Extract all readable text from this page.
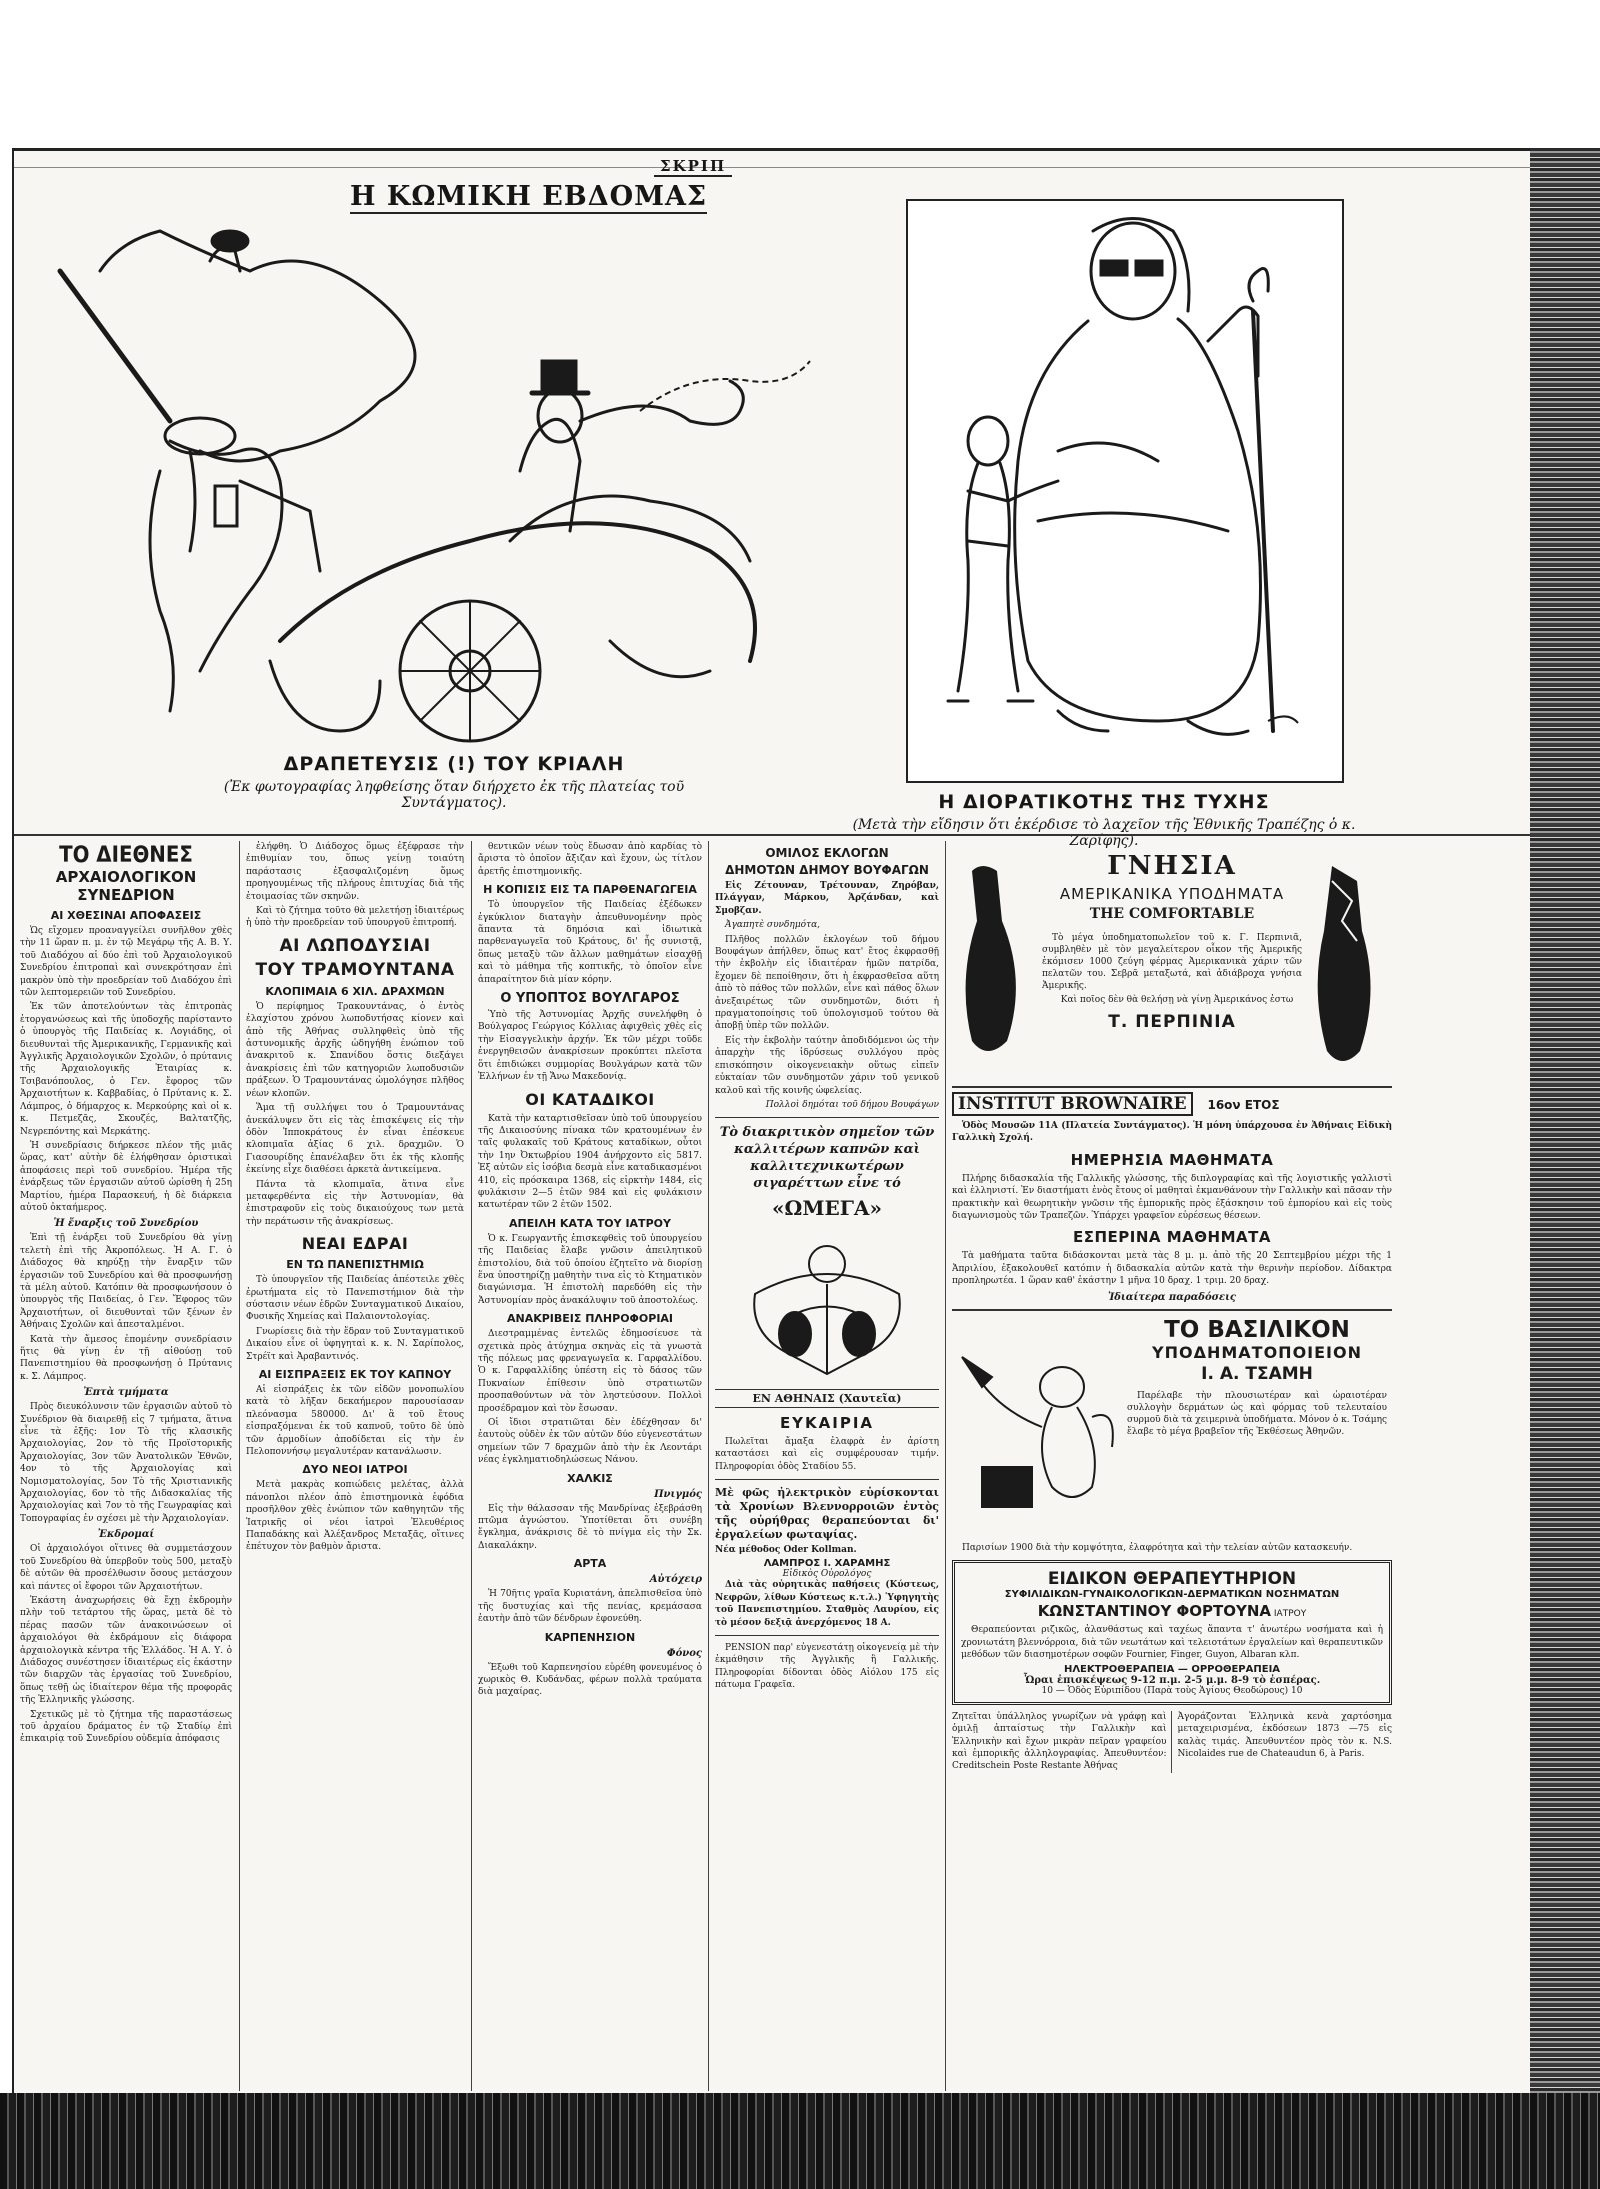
ΣΚΡΙΠ
Η ΚΩΜΙΚΗ ΕΒΔΟΜΑΣ
ΔΡΑΠΕΤΕΥΣΙΣ (!) ΤΟΥ ΚΡΙΑΛΗ
(Ἐκ φωτογραφίας ληφθείσης ὅταν διήρχετο ἐκ τῆς πλατείας τοῦ Συντάγματος).	Η ΔΙΟΡΑΤΙΚΟΤΗΣ ΤΗΣ ΤΥΧΗΣ
(Μετὰ τὴν εἴδησιν ὅτι ἐκέρδισε τὸ λαχεῖον τῆς Ἐθνικῆς Τραπέζης ὁ κ. Ζαρίφης).
ΤΟ ΔΙΕΘΝΕΣ
ΑΡΧΑΙΟΛΟΓΙΚΟΝ ΣΥΝΕΔΡΙΟΝ
ΑΙ ΧΘΕΣΙΝΑΙ ΑΠΟΦΑΣΕΙΣ

Ὡς εἴχομεν προαναγγείλει συνῆλθον χθὲς τὴν 11 ὥραν π. μ. ἐν τῷ Μεγάρῳ τῆς Α. Β. Υ. τοῦ Διαδόχου αἱ δύο ἐπὶ τοῦ Ἀρχαιολογικοῦ Συνεδρίου ἐπιτροπαὶ καὶ συνεκρότησαν ἐπὶ μακρὸν ὑπὸ τὴν προεδρείαν τοῦ Διαδόχου ἐπὶ τῶν λεπτομερειῶν τοῦ Συνεδρίου.

Ἐκ τῶν ἀποτελούντων τὰς ἐπιτροπὰς ἐτοργανώσεως καὶ τῆς ὑποδοχῆς παρίσταντο ὁ ὑπουργὸς τῆς Παιδείας κ. Λογιάδης, οἱ διευθυνταὶ τῆς Ἀμερικανικῆς, Γερμανικῆς καὶ Ἀγγλικῆς Ἀρχαιολογικῶν Σχολῶν, ὁ πρύτανις τῆς Ἀρχαιολογικῆς Ἑταιρίας κ. Τσιβανόπουλος, ὁ Γεν. ἔφορος τῶν Ἀρχαιοτήτων κ. Καββαδίας, ὁ Πρύτανις κ. Σ. Λάμπρος, ὁ δήμαρχος κ. Μερκούρης καὶ οἱ κ. κ. Πετμεζᾶς, Σκουζές, Βαλτατζῆς, Νεγρεπόντης καὶ Μερκάτης.

Ἡ συνεδρίασις διήρκεσε πλέον τῆς μιᾶς ὥρας, κατ' αὐτὴν δὲ ἐλήφθησαν ὁριστικαὶ ἀποφάσεις περὶ τοῦ συνεδρίου. Ἡμέρα τῆς ἐνάρξεως τῶν ἐργασιῶν αὐτοῦ ὡρίσθη ἡ 25η Μαρτίου, ἡμέρα Παρασκευή, ἡ δὲ διάρκεια αὐτοῦ ὀκταήμερος.

Ἡ ἔναρξις τοῦ Συνεδρίου

Ἐπὶ τῇ ἐνάρξει τοῦ Συνεδρίου θὰ γίνῃ τελετὴ ἐπὶ τῆς Ἀκροπόλεως. Ἡ Α. Γ. ὁ Διάδοχος θὰ κηρύξῃ τὴν ἔναρξιν τῶν ἐργασιῶν τοῦ Συνεδρίου καὶ θὰ προσφωνήσῃ τὰ μέλη αὐτοῦ. Κατόπιν θὰ προσφωνήσουν ὁ ὑπουργὸς τῆς Παιδείας, ὁ Γεν. Ἔφορος τῶν Ἀρχαιοτήτων, οἱ διευθυνταὶ τῶν ξένων ἐν Ἀθήναις Σχολῶν καὶ ἀπεσταλμένοι.

Κατὰ τὴν ἄμεσος ἐπομένην συνεδρίασιν ἥτις θὰ γίνῃ ἐν τῇ αἰθούσῃ τοῦ Πανεπιστημίου θὰ προσφωνήσῃ ὁ Πρύτανις κ. Σ. Λάμπρος.

Ἐπτὰ τμήματα

Πρὸς διευκόλυνσιν τῶν ἐργασιῶν αὐτοῦ τὸ Συνέδριον θὰ διαιρεθῇ εἰς 7 τμήματα, ἅτινα εἶνε τὰ ἑξῆς: 1ον Τὸ τῆς κλασικῆς Ἀρχαιολογίας, 2ον τὸ τῆς Προϊστορικῆς Ἀρχαιολογίας, 3ον τῶν Ἀνατολικῶν Ἐθνῶν, 4ον τὸ τῆς Ἀρχαιολογίας καὶ Νομισματολογίας, 5ον Τὸ τῆς Χριστιανικῆς Ἀρχαιολογίας, 6ον τὸ τῆς Διδασκαλίας τῆς Ἀρχαιολογίας καὶ 7ον τὸ τῆς Γεωγραφίας καὶ Τοπογραφίας ἐν σχέσει μὲ τὴν Ἀρχαιολογίαν.

Ἐκδρομαί

Οἱ ἀρχαιολόγοι οἵτινες θὰ συμμετάσχουν τοῦ Συνεδρίου θὰ ὑπερβοῦν τοὺς 500, μεταξὺ δὲ αὐτῶν θὰ προσέλθωσιν ὅσους μετάσχουν καὶ πάντες οἱ ἔφοροι τῶν Ἀρχαιοτήτων.

Ἑκάστη ἀναχωρήσεις θὰ ἔχῃ ἐκδρομὴν πλὴν τοῦ τετάρτου τῆς ὥρας, μετὰ δὲ τὸ πέρας πασῶν τῶν ἀνακοινώσεων οἱ ἀρχαιολόγοι θὰ ἐκδράμουν εἰς διάφορα ἀρχαιολογικὰ κέντρα τῆς Ἑλλάδος. Ἡ Α. Υ. ὁ Διάδοχος συνέστησεν ἰδιαιτέρως εἰς ἑκάστην τῶν διαρχῶν τὰς ἐργασίας τοῦ Συνεδρίου, ὅπως τεθῇ ὡς ἰδιαίτερον θέμα τῆς προφορᾶς τῆς Ἑλληνικῆς γλώσσης.

Σχετικῶς μὲ τὸ ζήτημα τῆς παραστάσεως τοῦ ἀρχαίου δράματος ἐν τῷ Σταδίῳ ἐπὶ ἐπικαιρίᾳ τοῦ Συνεδρίου οὐδεμία ἀπόφασις

ἐλήφθη. Ὁ Διάδοχος ὅμως ἐξέφρασε τὴν ἐπιθυμίαν του, ὅπως γείνῃ τοιαύτη παράστασις ἐξασφαλιζομένη ὅμως προηγουμένως τῆς πλήρους ἐπιτυχίας διὰ τῆς ἑτοιμασίας τῶν σκηνῶν.

Καὶ τὸ ζήτημα τοῦτο θὰ μελετήσῃ ἰδιαιτέρως ἡ ὑπὸ τὴν προεδρείαν τοῦ ὑπουργοῦ ἐπιτροπή.

ΑΙ ΛΩΠΟΔΥΣΙΑΙ
ΤΟΥ ΤΡΑΜΟΥΝΤΑΝΑ
ΚΛΟΠΙΜΑΙΑ 6 ΧΙΛ. ΔΡΑΧΜΩΝ

Ὁ περίφημος Τρακουντάνας, ὁ ἐντὸς ἐλαχίστου χρόνου λωποδυτήσας κίονεν καὶ ἀπὸ τῆς Ἀθήνας συλληφθεὶς ὑπὸ τῆς ἀστυνομικῆς ἀρχῆς ὡδηγήθη ἐνώπιον τοῦ ἀνακριτοῦ κ. Σπανίδου ὅστις διεξάγει ἀνακρίσεις ἐπὶ τῶν κατηγοριῶν λωποδυσιῶν πράξεων. Ὁ Τραμουντάνας ὡμολόγησε πλῆθος νέων κλοπῶν.

Ἅμα τῇ συλλήψει του ὁ Τραμουντάνας ἀνεκάλυψεν ὅτι εἰς τὰς ἐπισκέψεις εἰς τὴν ὁδὸν Ἱπποκράτους ἐν εἶναι ἐπέσκευε κλοπιμαῖα ἀξίας 6 χιλ. δραχμῶν. Ὁ Γιασουρίδης ἐπανέλαβεν ὅτι ἐκ τῆς κλοπῆς ἐκείνης εἶχε διαθέσει ἀρκετὰ ἀντικείμενα.

Πάντα τὰ κλοπιμαῖα, ἅτινα εἶνε μεταφερθέντα εἰς τὴν Ἀστυνομίαν, θὰ ἐπιστραφοῦν εἰς τοὺς δικαιούχους των μετὰ τὴν περάτωσιν τῆς ἀνακρίσεως.

ΝΕΑΙ ΕΔΡΑΙ
ΕΝ ΤΩ ΠΑΝΕΠΙΣΤΗΜΙΩ

Τὸ ὑπουργεῖον τῆς Παιδείας ἀπέστειλε χθὲς ἐρωτήματα εἰς τὸ Πανεπιστήμιον διὰ τὴν σύστασιν νέων ἑδρῶν Συνταγματικοῦ Δικαίου, Φυσικῆς Χημείας καὶ Παλαιοντολογίας.

Γνωρίσεις διὰ τὴν ἕδραν τοῦ Συνταγματικοῦ Δικαίου εἶνε οἱ ὑφηγηταὶ κ. κ. Ν. Σαρίπολος, Στρέϊτ καὶ Ἀραβαντινός.

ΑΙ ΕΙΣΠΡΑΞΕΙΣ ΕΚ ΤΟΥ ΚΑΠΝΟΥ

Αἱ εἰσπράξεις ἐκ τῶν εἰδῶν μονοπωλίου κατὰ τὸ λῆξαν δεκαήμερον παρουσίασαν πλεόνασμα 580000. Δι' ἃ τοῦ ἔτους εἰσπραξόμεναι ἐκ τοῦ καπνοῦ, τοῦτο δὲ ὑπὸ τῶν ἀρμοδίων ἀποδίδεται εἰς τὴν ἐν Πελοποννήσῳ μεγαλυτέραν κατανάλωσιν.

ΔΥΟ ΝΕΟΙ ΙΑΤΡΟΙ

Μετὰ μακρὰς κοπιώδεις μελέτας, ἀλλὰ πάνοπλοι πλέον ἀπὸ ἐπιστημονικὰ ἐφόδια προσῆλθον χθὲς ἐνώπιον τῶν καθηγητῶν τῆς Ἰατρικῆς οἱ νέοι ἰατροὶ Ἐλευθέριος Παπαδάκης καὶ Ἀλέξανδρος Μεταξᾶς, οἵτινες ἐπέτυχον τὸν βαθμὸν ἄριστα.

θεντικῶν νέων τοὺς ἔδωσαν ἀπὸ καρδίας τὸ ἄριστα τὸ ὁποῖον ἄξιζαν καὶ ἔχουν, ὡς τίτλον ἀρετῆς ἐπιστημονικῆς.

Η ΚΟΠΙΣΙΣ ΕΙΣ ΤΑ ΠΑΡΘΕΝΑΓΩΓΕΙΑ

Τὸ ὑπουργεῖον τῆς Παιδείας ἐξέδωκεν ἐγκύκλιον διαταγὴν ἀπευθυνομένην πρὸς ἅπαντα τὰ δημόσια καὶ ἰδιωτικὰ παρθεναγωγεῖα τοῦ Κράτους, δι' ἧς συνιστᾷ, ὅπως μεταξὺ τῶν ἄλλων μαθημάτων εἰσαχθῇ καὶ τὸ μάθημα τῆς κοπτικῆς, τὸ ὁποῖον εἶνε ἀπαραίτητον διὰ μίαν κόρην.

Ο ΥΠΟΠΤΟΣ ΒΟΥΛΓΑΡΟΣ

Ὑπὸ τῆς Ἀστυνομίας Ἀρχῆς συνελήφθη ὁ Βούλγαρος Γεώργιος Κόλλιας ἀφιχθεὶς χθὲς εἰς τὴν Εἰσαγγελικὴν ἀρχήν. Ἐκ τῶν μέχρι τοῦδε ἐνεργηθεισῶν ἀνακρίσεων προκύπτει πλεῖστα ὅτι ἐπιδιώκει συμμορίας Βουλγάρων κατὰ τῶν Ἑλλήνων ἐν τῇ Ἄνω Μακεδονίᾳ.

ΟΙ ΚΑΤΑΔΙΚΟΙ

Κατὰ τὴν καταρτισθεῖσαν ὑπὸ τοῦ ὑπουργείου τῆς Δικαιοσύνης πίνακα τῶν κρατουμένων ἐν ταῖς φυλακαῖς τοῦ Κράτους καταδίκων, οὗτοι τὴν 1ην Ὀκτωβρίου 1904 ἀνήρχοντο εἰς 5817. Ἐξ αὐτῶν εἰς ἰσόβια δεσμὰ εἶνε καταδικασμένοι 410, εἰς πρόσκαιρα 1368, εἰς εἱρκτὴν 1484, εἰς φυλάκισιν 2—5 ἐτῶν 984 καὶ εἰς φυλάκισιν κατωτέραν τῶν 2 ἐτῶν 1502.

ΑΠΕΙΛΗ ΚΑΤΑ ΤΟΥ ΙΑΤΡΟΥ

Ὁ κ. Γεωργαντῆς ἐπισκεφθεὶς τοῦ ὑπουργείου τῆς Παιδείας ἔλαβε γνῶσιν ἀπειλητικοῦ ἐπιστολίου, διὰ τοῦ ὁποίου ἐζητεῖτο νὰ διορίσῃ ἕνα ὑποστηρίζῃ μαθητὴν τινα εἰς τὸ Κτηματικὸν διαγώνισμα. Ἡ ἐπιστολὴ παρεδόθη εἰς τὴν Ἀστυνομίαν πρὸς ἀνακάλυψιν τοῦ ἀποστολέως.

ΑΝΑΚΡΙΒΕΙΣ ΠΛΗΡΟΦΟΡΙΑΙ

Διεστραμμένας ἐντελῶς ἐδημοσίευσε τὰ σχετικὰ πρὸς ἀτύχημα σκηνὰς εἰς τὰ γνωστὰ τῆς πόλεως μας φρεναγωγεῖα κ. Γαρφαλλίδου. Ὁ κ. Γαρφαλλίδης ὑπέστη εἰς τὸ δάσος τῶν Πυκναίων ἐπίθεσιν ὑπὸ στρατιωτῶν προσπαθούντων νὰ τὸν ληστεύσουν. Πολλοὶ προσέδραμον καὶ τὸν ἔσωσαν.

Οἱ ἴδιοι στρατιῶται δὲν ἐδέχθησαν δι' ἑαυτοὺς οὐδὲν ἐκ τῶν αὐτῶν δύο εὐγενεστάτων σημείων τῶν 7 δραχμῶν ἀπὸ τὴν ἐκ Λεοντάρι νέας ἐγκληματιοδηλώσεως Νάνου.

ΧΑΛΚΙΣ
Πνιγμός

Εἰς τὴν θάλασσαν τῆς Μανδρίνας ἐξεβράσθη πτῶμα ἀγνώστου. Ὑποτίθεται ὅτι συνέβη ἔγκλημα, ἀνάκρισις δὲ τὸ πνίγμα εἰς τὴν Σκ. Διακαλάκην.

ΑΡΤΑ
Αὐτόχειρ

Ἡ 70ῆτις γραῖα Κυριατάνη, ἀπελπισθεῖσα ὑπὸ τῆς δυστυχίας καὶ τῆς πενίας, κρεμάσασα ἑαυτὴν ἀπὸ τῶν δένδρων ἐφονεύθη.

ΚΑΡΠΕΝΗΣΙΟΝ
Φόνος

Ἔξωθι τοῦ Καρπενησίου εὑρέθη φονευμένος ὁ χωρικὸς Θ. Κυδάνδας, φέρων πολλὰ τραύματα διὰ μαχαίρας.

ΟΜΙΛΟΣ ΕΚΛΟΓΩΝ
ΔΗΜΟΤΩΝ ΔΗΜΟΥ ΒΟΥΦΑΓΩΝ

Εἰς Ζέτουναν, Τρέτουναν, Ζηρόβαν, Πλάγγαν, Μάρκου, Ἀρζάνδαν, καὶ Σμοβζαν.

Ἀγαπητὲ συνδημότα,

Πλῆθος πολλῶν ἐκλογέων τοῦ δήμου Βουφάγων ἀπήλθεν, ὅπως κατ' ἔτος ἐκφρασθῇ τὴν ἐκβολὴν εἰς ἰδιαιτέραν ἡμῶν πατρίδα, ἔχομεν δὲ πεποίθησιν, ὅτι ἡ ἐκφρασθεῖσα αὕτη ἀπὸ τὸ πάθος τῶν πολλῶν, εἶνε καὶ πάθος ὅλων ἀνεξαιρέτως τῶν συνδημοτῶν, διότι ἡ πραγματοποίησις τοῦ ὑπολογισμοῦ τούτου θὰ ἀποβῇ ὑπὲρ τῶν πολλῶν.

Εἰς τὴν ἐκβολὴν ταύτην ἀποδιδόμενοι ὡς τὴν ἀπαρχὴν τῆς ἱδρύσεως συλλόγου πρὸς επισκόπησιν οἰκογενειακὴν οὕτως εἰπεῖν εὐκταίαν τῶν συνδημοτῶν χάριν τοῦ γενικοῦ καλοῦ καὶ τῆς κοινῆς ὠφελείας.

Πολλοὶ δημόται τοῦ δήμου Βουφάγων

Τὸ διακριτικὸν σημεῖον τῶν καλλιτέρων καπνῶν καὶ καλλιτεχνικωτέρων σιγαρέττων εἶνε τό
«ΩΜΕΓΑ»
ΕΝ ΑΘΗΝΑΙΣ (Χαυτεῖα)
ΕΥΚΑΙΡΙΑ

Πωλεῖται ἄμαξα ἐλαφρὰ ἐν ἀρίστη καταστάσει καὶ εἰς συμφέρουσαν τιμήν. Πληροφορίαι ὁδὸς Σταδίου 55.

Μὲ φῶς ἠλεκτρικὸν εὑρίσκονται τὰ Χρονίων Βλεννορροιῶν ἐντὸς τῆς οὐρήθρας θεραπεύονται δι' ἐργαλείων φωταψίας.

Νέα μέθοδος Oder Kollman.

ΛΑΜΠΡΟΣ Ι. ΧΑΡΑΜΗΣ
Εἰδικὸς Οὐρολόγος

Διὰ τὰς οὐρητικὰς παθήσεις (Κύστεως, Νεφρῶν, λίθων Κύστεως κ.τ.λ.) Ὑφηγητὴς τοῦ Πανεπιστημίου. Σταθμὸς Λαυρίου, εἰς τὸ μέσον δεξιᾷ ἀνερχόμενος 18 Α.

PENSION παρ' εὐγενεστάτῃ οἰκογενείᾳ μὲ τὴν ἐκμάθησιν τῆς Ἀγγλικῆς ἢ Γαλλικῆς. Πληροφορίαι δίδονται ὁδὸς Αἰόλου 175 εἰς πάτωμα Γραφεῖα.

ΓΝΗΣΙΑ
ΑΜΕΡΙΚΑΝΙΚΑ ΥΠΟΔΗΜΑΤΑ
THE COMFORTABLE

Τὸ μέγα ὑποδηματοπωλεῖον τοῦ κ. Γ. Περπινιᾶ, συμβληθὲν μὲ τὸν μεγαλείτερον οἶκον τῆς Ἀμερικῆς ἐκόμισεν 1000 ζεύγη φέρμας Ἀμερικανικὰ χάριν τῶν πελατῶν του. Σεβρᾶ μεταξωτά, καὶ ἀδιάβροχα γνήσια Ἀμερικῆς.

Καὶ ποῖος δὲν θὰ θελήσῃ νὰ γίνῃ Ἀμερικάνος ἐστω

Τ. ΠΕΡΠΙΝΙΑ
INSTITUT BROWNAIRE 16ον ΕΤΟΣ

Ὁδὸς Μουσῶν 11Α (Πλατεία Συντάγματος). Ἡ μόνη ὑπάρχουσα ἐν Ἀθήναις Εἰδικὴ Γαλλικὴ Σχολή.

ΗΜΕΡΗΣΙΑ ΜΑΘΗΜΑΤΑ

Πλήρης διδασκαλία τῆς Γαλλικῆς γλώσσης, τῆς διπλογραφίας καὶ τῆς λογιστικῆς γαλλιστὶ καὶ ἑλληνιστί. Ἐν διαστήματι ἑνὸς ἔτους οἱ μαθηταὶ ἐκμανθάνουν τὴν Γαλλικὴν καὶ πᾶσαν τὴν πρακτικὴν καὶ θεωρητικὴν γνῶσιν τῆς ἐμπορικῆς πρὸς ἐξάσκησιν τοῦ ἐμπορίου καὶ εἰς τοὺς διαγωνισμοὺς τῶν Τραπεζῶν. Ὑπάρχει γραφεῖον εὑρέσεως θέσεων.

ΕΣΠΕΡΙΝΑ ΜΑΘΗΜΑΤΑ

Τὰ μαθήματα ταῦτα διδάσκονται μετὰ τὰς 8 μ. μ. ἀπὸ τῆς 20 Σεπτεμβρίου μέχρι τῆς 1 Ἀπριλίου, ἐξακολουθεῖ κατόπιν ἡ διδασκαλία αὐτῶν κατὰ τὴν θερινὴν περίοδον. Δίδακτρα προπληρωτέα. 1 ὥραν καθ' ἑκάστην 1 μῆνα 10 δραχ. 1 τριμ. 20 δραχ.

Ἰδιαίτερα παραδόσεις
ΤΟ ΒΑΣΙΛΙΚΟΝ
ΥΠΟΔΗΜΑΤΟΠΟΙΕΙΟΝ
Ι. Α. ΤΣΑΜΗ

Παρέλαβε τὴν πλουσιωτέραν καὶ ὡραιοτέραν συλλογὴν δερμάτων ὡς καὶ φόρμας τοῦ τελευταίου συρμοῦ διὰ τὰ χειμερινὰ ὑποδήματα. Μόνον ὁ κ. Τσάμης ἔλαβε τὸ μέγα βραβεῖον τῆς Ἐκθέσεως Ἀθηνῶν.

Παρισίων 1900 διὰ τὴν κομψότητα, ἐλαφρότητα καὶ τὴν τελείαν αὐτῶν κατασκευήν.

ΕΙΔΙΚΟΝ ΘΕΡΑΠΕΥΤΗΡΙΟΝ
ΣΥΦΙΛΙΔΙΚΩΝ-ΓΥΝΑΙΚΟΛΟΓΙΚΩΝ-ΔΕΡΜΑΤΙΚΩΝ ΝΟΣΗΜΑΤΩΝ
ΚΩΝΣΤΑΝΤΙΝΟΥ ΦΟΡΤΟΥΝΑ ΙΑΤΡΟΥ

Θεραπεύονται ριζικῶς, ἀλανθάστως καὶ ταχέως ἅπαντα τ' ἀνωτέρω νοσήματα καὶ ἡ χρονιωτάτη βλεννόρροια, διὰ τῶν νεωτάτων καὶ τελειοτάτων ἐργαλείων καὶ θεραπευτικῶν μεθόδων τῶν διασημοτέρων σοφῶν Fournier, Finger, Guyon, Albaran κλπ.

ΗΛΕΚΤΡΟΘΕΡΑΠΕΙΑ — ΟΡΡΟΘΕΡΑΠΕΙΑ
Ὧραι ἐπισκέψεως 9-12 π.μ. 2-5 μ.μ. 8-9 τὸ ἑσπέρας.
10 — Ὁδὸς Εὐριπίδου (Παρὰ τοὺς Ἁγίους Θεοδώρους) 10

Ζητεῖται ὑπάλληλος γνωρίζων νὰ γράφῃ καὶ ὁμιλῇ ἀπταίστως τὴν Γαλλικὴν καὶ Ἑλληνικὴν καὶ ἔχων μικρὰν πεῖραν γραφείου καὶ ἐμπορικῆς ἀλληλογραφίας. Ἀπευθυντέον: Creditschein Poste Restante Ἀθήνας

Ἀγοράζονται Ἑλληνικὰ κενὰ χαρτόσημα μεταχειρισμένα, ἐκδόσεων 1873 —75 εἰς καλὰς τιμάς. Ἀπευθυντέον πρὸς τὸν κ. N.S. Nicolaides rue de Chateaudun 6, à Paris.
